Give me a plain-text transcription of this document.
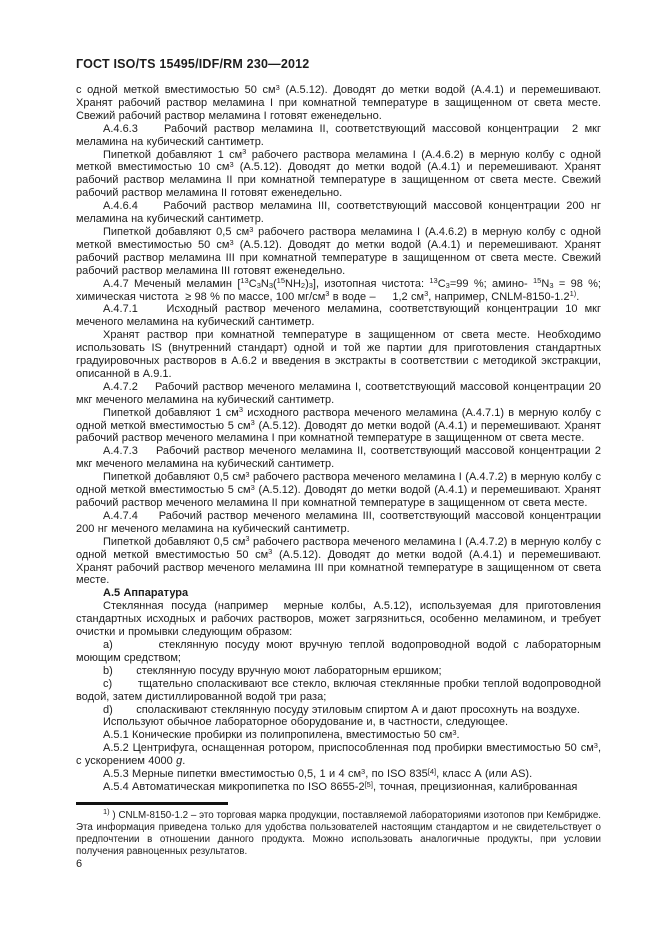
ГОСТ ISO/TS 15495/IDF/RM 230—2012

с одной меткой вместимостью 50 $см^3$ (А.5.12). Доводят до метки водой (А.4.1) и перемешивают. Хранят рабочий раствор меламина I при комнатной температуре в защищенном от света месте. Свежий рабочий раствор меламина I готовят еженедельно.

А.4.6.3    Рабочий раствор меламина II, соответствующий массовой концентрации  2 мкг меламина на кубический сантиметр.

Пипеткой добавляют 1 $см^3$ рабочего раствора меламина I (А.4.6.2) в мерную колбу с одной меткой вместимостью 10 $см^3$ (А.5.12). Доводят до метки водой (А.4.1) и перемешивают. Хранят рабочий раствор меламина II при комнатной температуре в защищенном от света месте. Свежий рабочий раствор меламина II готовят еженедельно.

А.4.6.4    Рабочий раствор меламина III, соответствующий массовой концентрации 200 нг меламина на кубический сантиметр.

Пипеткой добавляют 0,5 $см^3$ рабочего раствора меламина I (А.4.6.2) в мерную колбу с одной меткой вместимостью 50 $см^3$ (А.5.12). Доводят до метки водой (А.4.1) и перемешивают. Хранят рабочий раствор меламина III при комнатной температуре в защищенном от света месте. Свежий рабочий раствор меламина III готовят еженедельно.

А.4.7 Меченый меламин $[^{13}C_3N_3(^{15}NH_2)_3]$, изотопная чистота: $^{13}C_3=99$ %; амино- $^{15}N_3 = 98$ %; химическая чистота  ≥ 98 % по массе, 100 $мг/см^3$ в воде –     1,2 $см^3$, например, CNLM-8150-1.2$^{1)}$.

А.4.7.1    Исходный раствор меченого меламина, соответствующий концентрации 10 мкг меченого меламина на кубический сантиметр.

Хранят раствор при комнатной температуре в защищенном от света месте. Необходимо использовать IS (внутренний стандарт) одной и той же партии для приготовления стандартных градуировочных растворов в А.6.2 и введения в экстракты в соответствии с методикой экстракции, описанной в А.9.1.

А.4.7.2    Рабочий раствор меченого меламина I, соответствующий массовой концентрации 20 мкг меченого меламина на кубический сантиметр.

Пипеткой добавляют 1 $см^3$ исходного раствора меченого меламина (А.4.7.1) в мерную колбу с одной меткой вместимостью 5 $см^3$ (А.5.12). Доводят до метки водой (А.4.1) и перемешивают. Хранят рабочий раствор меченого меламина I при комнатной температуре в защищенном от света месте.

А.4.7.3    Рабочий раствор меченого меламина II, соответствующий массовой концентрации 2 мкг меченого меламина на кубический сантиметр.

Пипеткой добавляют 0,5 $см^3$ рабочего раствора меченого меламина I (А.4.7.2) в мерную колбу с одной меткой вместимостью 5 $см^3$ (А.5.12). Доводят до метки водой (А.4.1) и перемешивают. Хранят рабочий раствор меченого меламина II при комнатной температуре в защищенном от света месте.

А.4.7.4    Рабочий раствор меченого меламина III, соответствующий массовой концентрации 200 нг меченого меламина на кубический сантиметр.

Пипеткой добавляют 0,5 $см^3$ рабочего раствора меченого меламина I (А.4.7.2) в мерную колбу с одной меткой вместимостью 50 $см^3$ (А.5.12). Доводят до метки водой (А.4.1) и перемешивают. Хранят рабочий раствор меченого меламина III при комнатной температуре в защищенном от света месте.

А.5 Аппаратура

Стеклянная посуда (например  мерные колбы, А.5.12), используемая для приготовления стандартных исходных и рабочих растворов, может загрязниться, особенно меламином, и требует очистки и промывки следующим образом:

a)       стеклянную посуду моют вручную теплой водопроводной водой с лабораторным моющим средством;

b)       стеклянную посуду вручную моют лабораторным ершиком;

c)       тщательно споласкивают все стекло, включая стеклянные пробки теплой водопроводной водой, затем дистиллированной водой три раза;

d)       споласкивают стеклянную посуду этиловым спиртом А и дают просохнуть на воздухе.

Используют обычное лабораторное оборудование и, в частности, следующее.

А.5.1 Конические пробирки из полипропилена, вместимостью 50 $см^3$.

А.5.2 Центрифуга, оснащенная ротором, приспособленная под пробирки вместимостью 50 $см^3$, с ускорением 4000 g.

А.5.3 Мерные пипетки вместимостью 0,5, 1 и 4 $см^3$, по ISO 835[4], класс А (или AS).

А.5.4 Автоматическая микропипетка по ISO 8655-2[5], точная, прецизионная, калиброванная

$^{1)}$ ) CNLM-8150-1.2 – это торговая марка продукции, поставляемой лабораториями изотопов при Кембридже. Эта информация приведена только для удобства пользователей настоящим стандартом и не свидетельствует о предпочтении в отношении данного продукта. Можно использовать аналогичные продукты, при условии получения равноценных результатов.

6
